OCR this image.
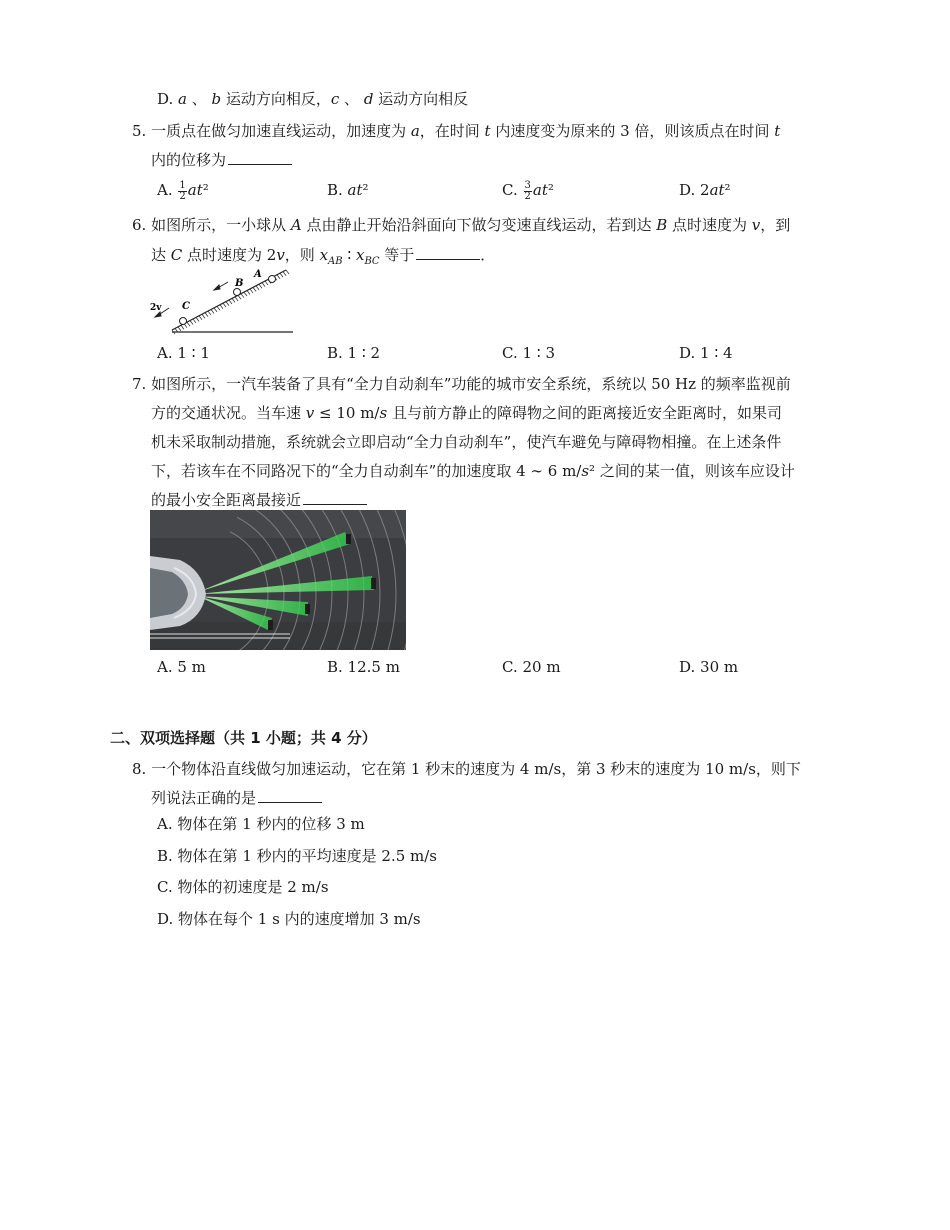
D. 𝑎 、 𝑏 运动方向相反，𝑐 、 𝑑 运动方向相反
5. 一质点在做匀加速直线运动，加速度为 𝑎，在时间 𝑡 内速度变为原来的 3 倍，则该质点在时间 𝑡
内的位移为
A. $\frac{1}{2}$ 𝑎𝑡²	B. 𝑎𝑡²	C. $\frac{3}{2}$ 𝑎𝑡²	D. 2𝑎𝑡²
6. 如图所示，一小球从 𝐴 点由静止开始沿斜面向下做匀变速直线运动，若到达 𝐵 点时速度为 𝑣，到
达 𝐶 点时速度为 2𝑣，则 𝑥$_{𝐴𝐵}$ ∶ 𝑥$_{𝐵𝐶}$ 等于	．
A
B
C
2v
A. 1 ∶ 1	B. 1 ∶ 2	C. 1 ∶ 3	D. 1 ∶ 4
7. 如图所示，一汽车装备了具有“全力自动刹车”功能的城市安全系统，系统以 50 Hz 的频率监视前
方的交通状况。当车速 𝑣 ≤ 10 m/𝑠 且与前方静止的障碍物之间的距离接近安全距离时，如果司
机未采取制动措施，系统就会立即启动“全力自动刹车”，使汽车避免与障碍物相撞。在上述条件
下，若该车在不同路况下的“全力自动刹车”的加速度取 4 ∼ 6 m/𝑠² 之间的某一值，则该车应设计
的最小安全距离最接近
A. 5 m	B. 12.5 m	C. 20 m	D. 30 m
二、双项选择题（共 1 小题；共 4 分）
8. 一个物体沿直线做匀加速运动，它在第 1 秒末的速度为 4 m/s，第 3 秒末的速度为 10 m/s，则下
列说法正确的是
A. 物体在第 1 秒内的位移 3 m
B. 物体在第 1 秒内的平均速度是 2.5 m/s
C. 物体的初速度是 2 m/s
D. 物体在每个 1 s 内的速度增加 3 m/s
